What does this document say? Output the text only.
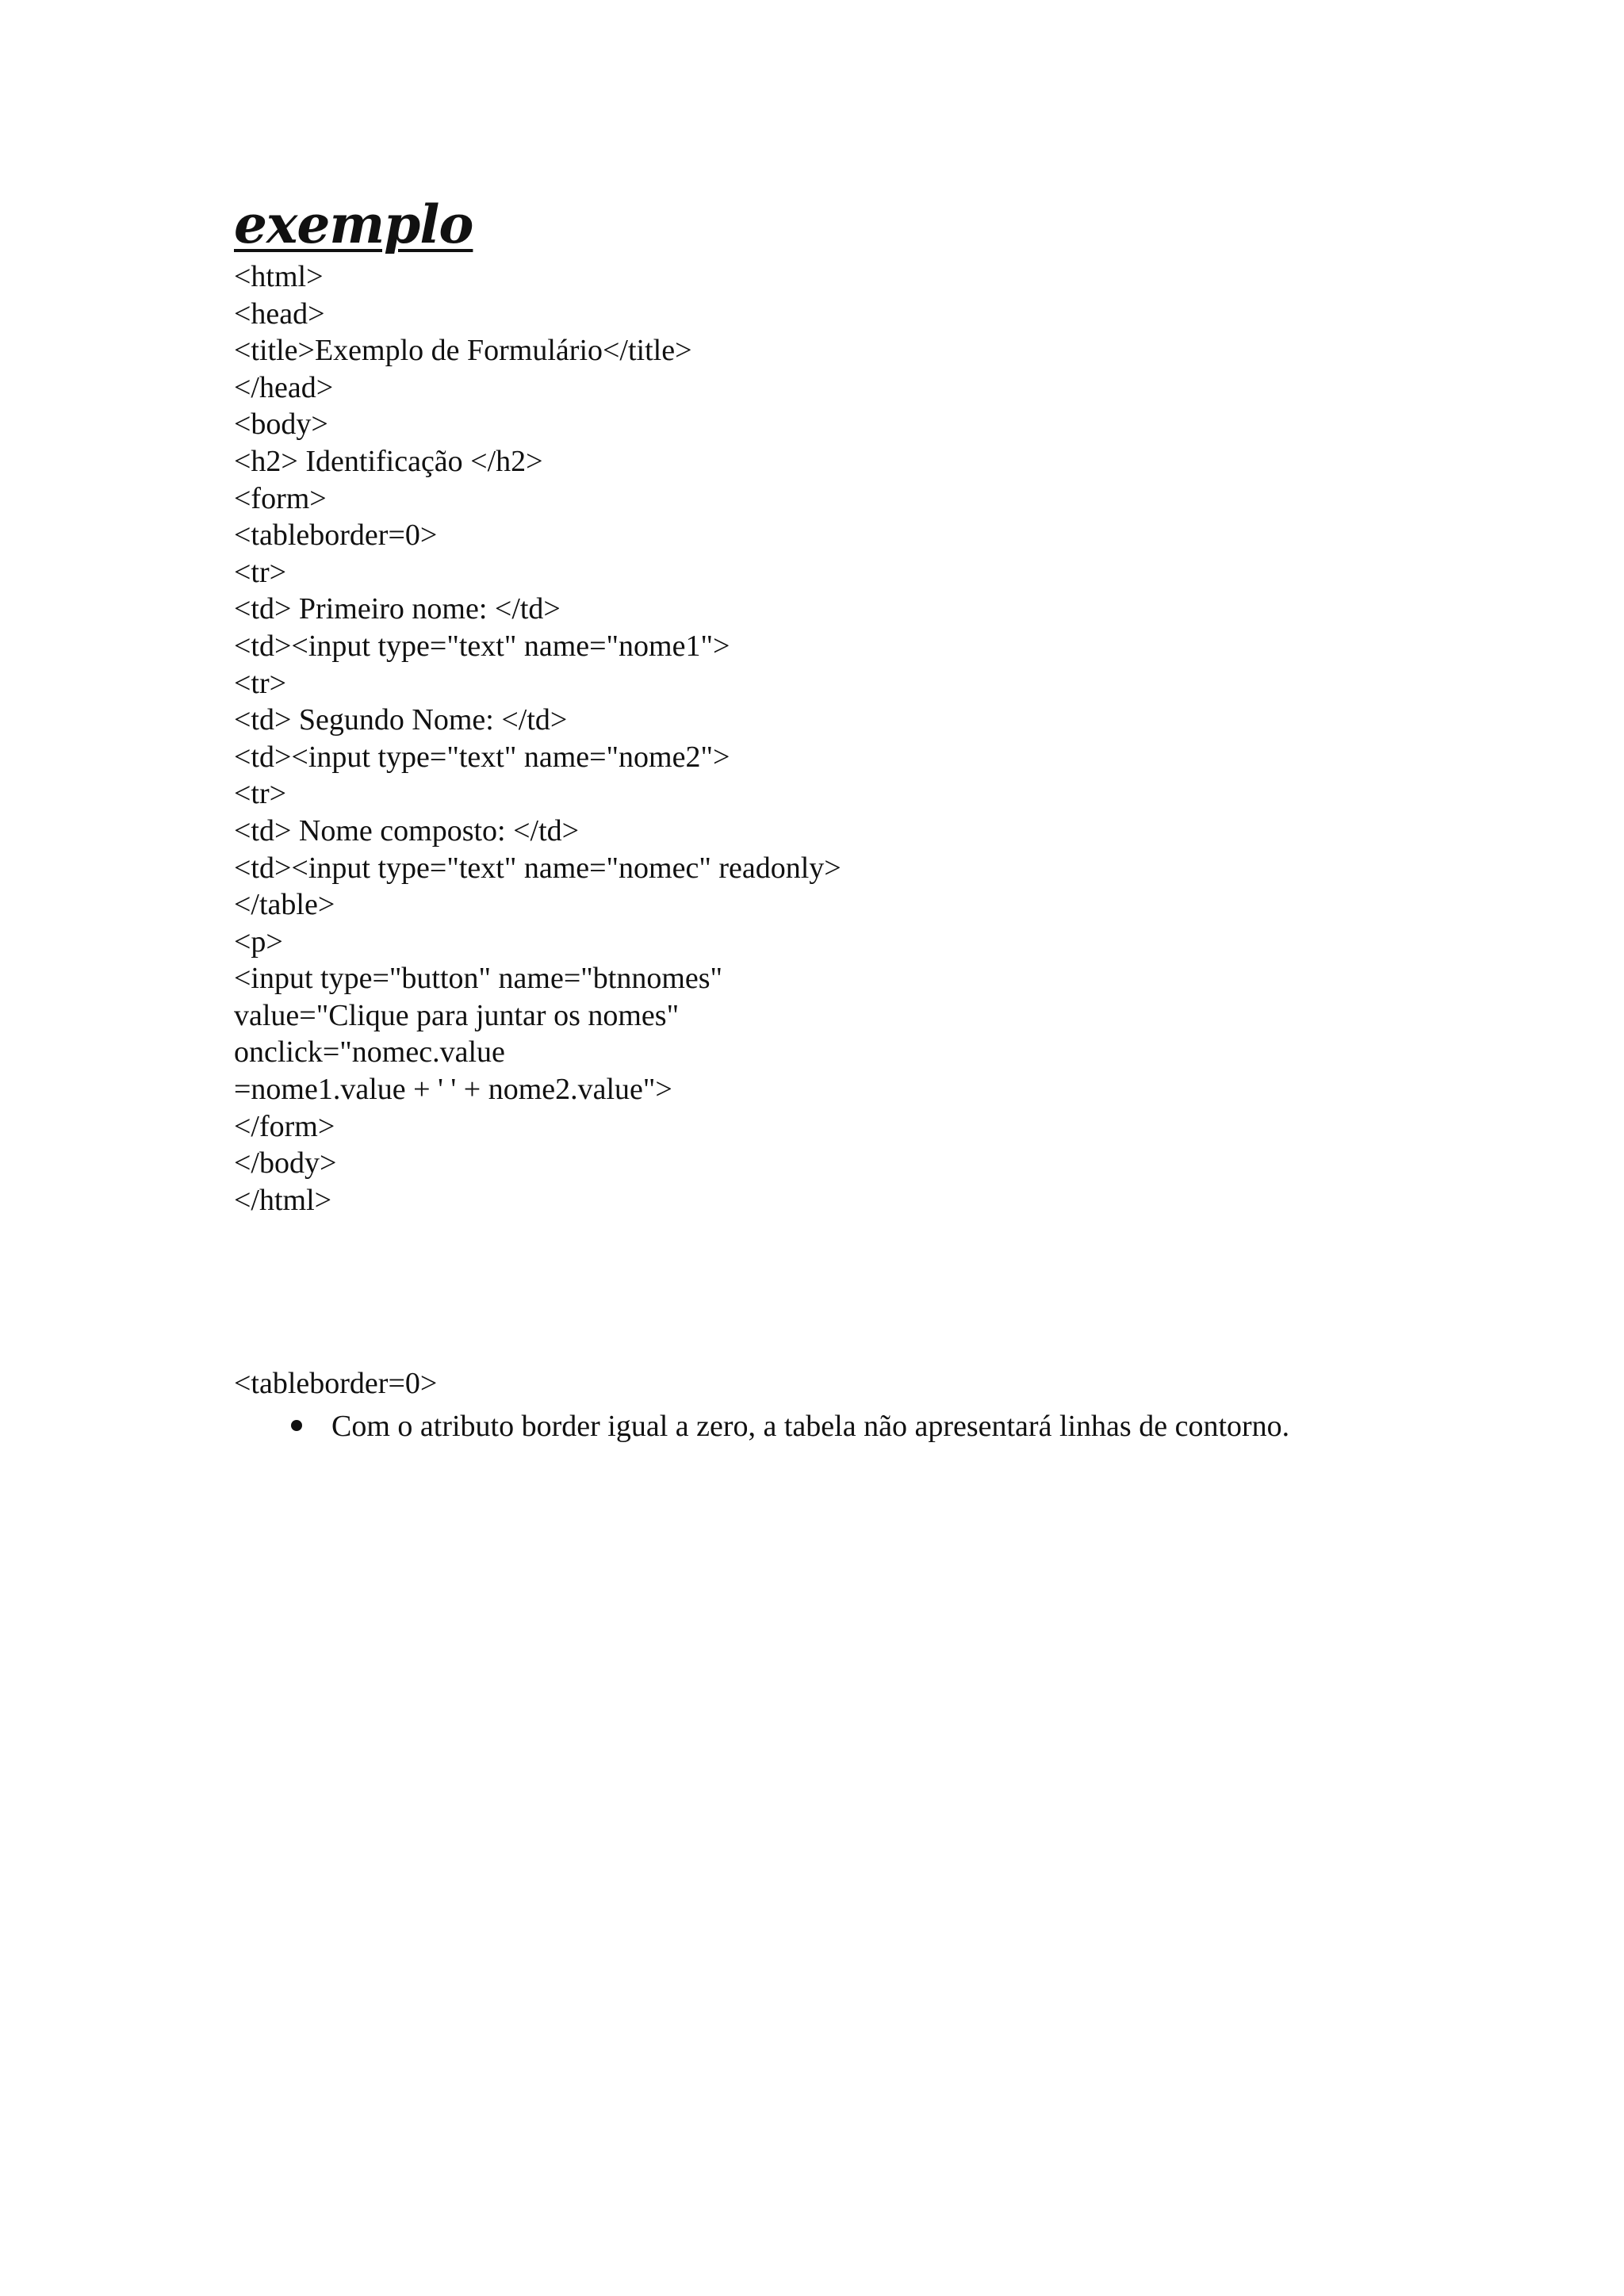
exemplo
<html>
<head>
<title>Exemplo de Formulário</title>
</head>
<body>
<h2> Identificação </h2>
<form>
<tableborder=0>
<tr>
<td> Primeiro nome: </td>
<td><input type="text" name="nome1">
<tr>
<td> Segundo Nome: </td>
<td><input type="text" name="nome2">
<tr>
<td> Nome composto: </td>
<td><input type="text" name="nomec" readonly>
</table>
<p>
<input type="button" name="btnnomes"
value="Clique para juntar os nomes"
onclick="nomec.value
=nome1.value + ' ' + nome2.value">
</form>
</body>
</html>
<tableborder=0>
Com o atributo border igual a zero, a tabela não apresentará linhas de contorno.
